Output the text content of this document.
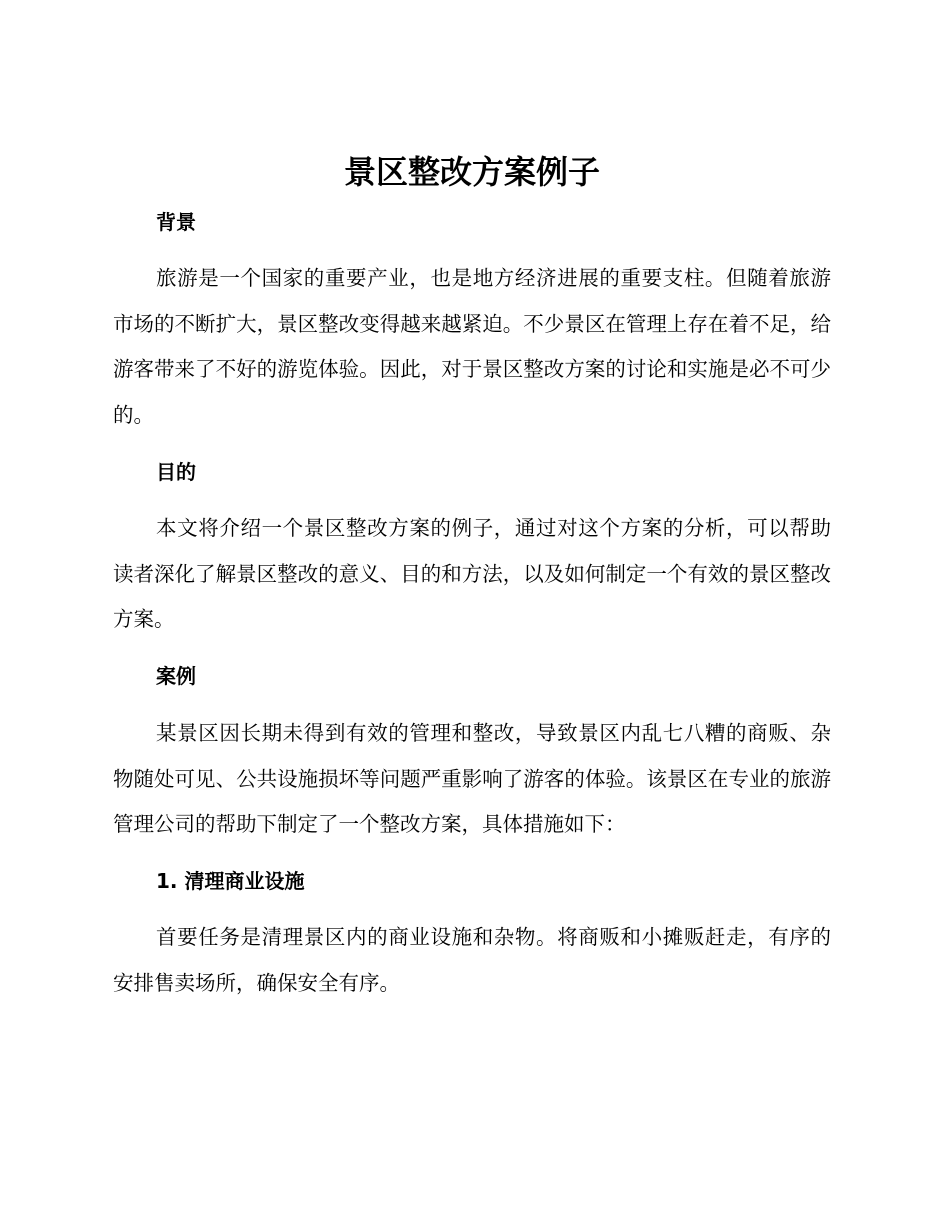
景区整改方案例子
背景
旅游是一个国家的重要产业，也是地方经济进展的重要支柱。但随着旅游市场的不断扩大，景区整改变得越来越紧迫。不少景区在管理上存在着不足，给游客带来了不好的游览体验。因此，对于景区整改方案的讨论和实施是必不可少的。
目的
本文将介绍一个景区整改方案的例子，通过对这个方案的分析，可以帮助读者深化了解景区整改的意义、目的和方法，以及如何制定一个有效的景区整改方案。
案例
某景区因长期未得到有效的管理和整改，导致景区内乱七八糟的商贩、杂物随处可见、公共设施损坏等问题严重影响了游客的体验。该景区在专业的旅游管理公司的帮助下制定了一个整改方案，具体措施如下：
1. 清理商业设施
首要任务是清理景区内的商业设施和杂物。将商贩和小摊贩赶走，有序的安排售卖场所，确保安全有序。
